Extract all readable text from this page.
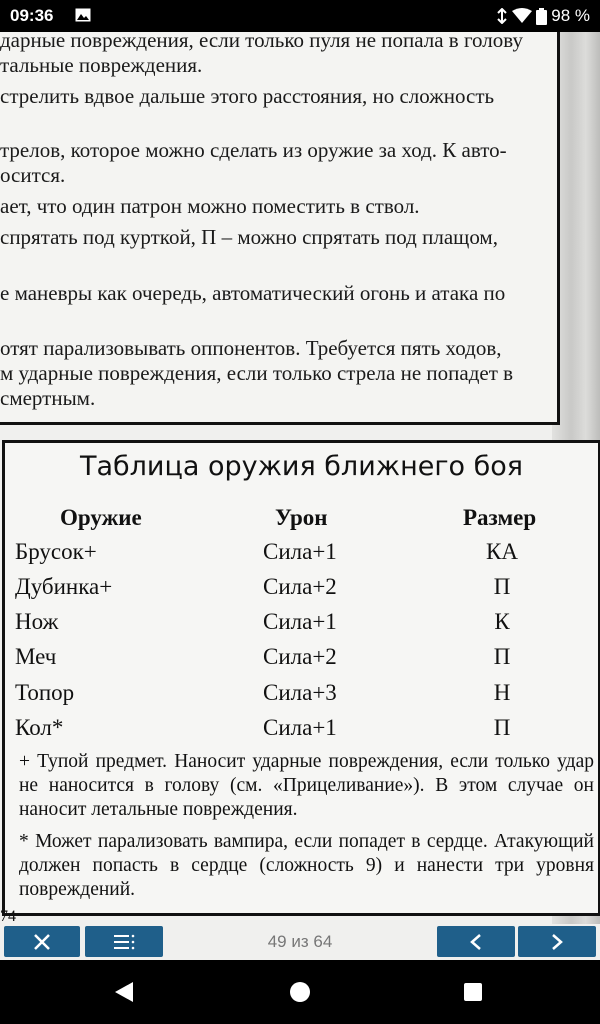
09:36	98 %
дарные повреждения, если только пуля не попала в голову
тальные повреждения.
стрелить вдвое дальше этого расстояния, но сложность
трелов, которое можно сделать из оружие за ход. К авто-
осится.
ает, что один патрон можно поместить в ствол.
спрятать под курткой, П – можно спрятать под плащом,
е маневры как очередь, автоматический огонь и атака по
отят парализовывать оппонентов. Требуется пять ходов,
м ударные повреждения, если только стрела не попадет в
смертным.
Таблица оружия ближнего боя
Оружие	Урон	Размер
Брусок+	Сила+1	КА
Дубинка+	Сила+2	П
Нож	Сила+1	К
Меч	Сила+2	П
Топор	Сила+3	Н
Кол*	Сила+1	П
+ Тупой предмет. Наносит ударные повреждения, если только удар не наносится в голову (см. «Прицеливание»). В этом случае он наносит летальные повреждения.
* Может парализовать вампира, если попадет в сердце. Атакующий должен попасть в сердце (сложность 9) и нанести три уровня повреждений.
74
49 из 64
